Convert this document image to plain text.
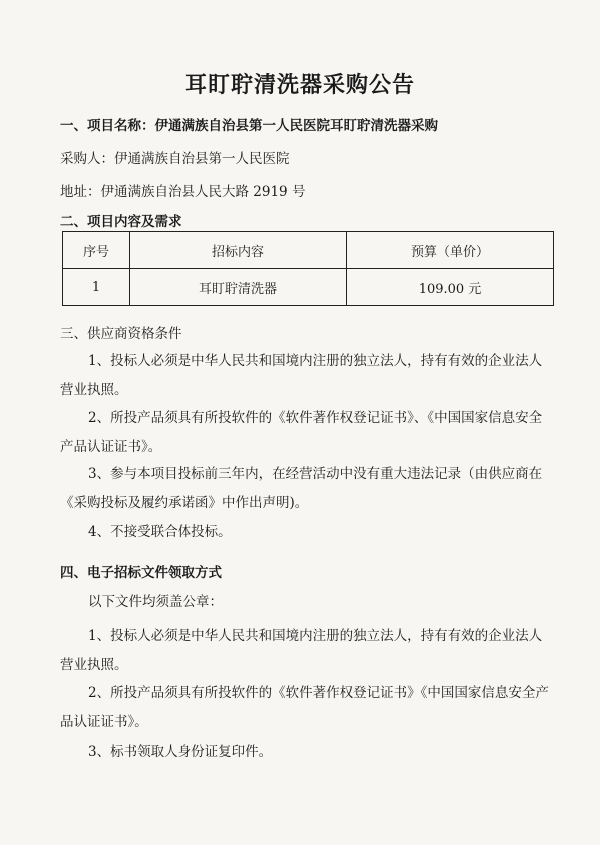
耳盯聍清洗器采购公告
一、项目名称：伊通满族自治县第一人民医院耳盯聍清洗器采购
采购人：伊通满族自治县第一人民医院
地址：伊通满族自治县人民大路 2919 号
二、项目内容及需求
序号	招标内容	预算（单价）
1	耳盯聍清洗器	109.00 元
三、供应商资格条件
1、投标人必须是中华人民共和国境内注册的独立法人，持有有效的企业法人营业执照。
2、所投产品须具有所投软件的《软件著作权登记证书》、《中国国家信息安全产品认证证书》。
3、参与本项目投标前三年内，在经营活动中没有重大违法记录（由供应商在《采购投标及履约承诺函》中作出声明)。
4、不接受联合体投标。
四、电子招标文件领取方式
以下文件均须盖公章：
1、投标人必须是中华人民共和国境内注册的独立法人，持有有效的企业法人营业执照。
2、所投产品须具有所投软件的《软件著作权登记证书》《中国国家信息安全产品认证证书》。
3、标书领取人身份证复印件。
